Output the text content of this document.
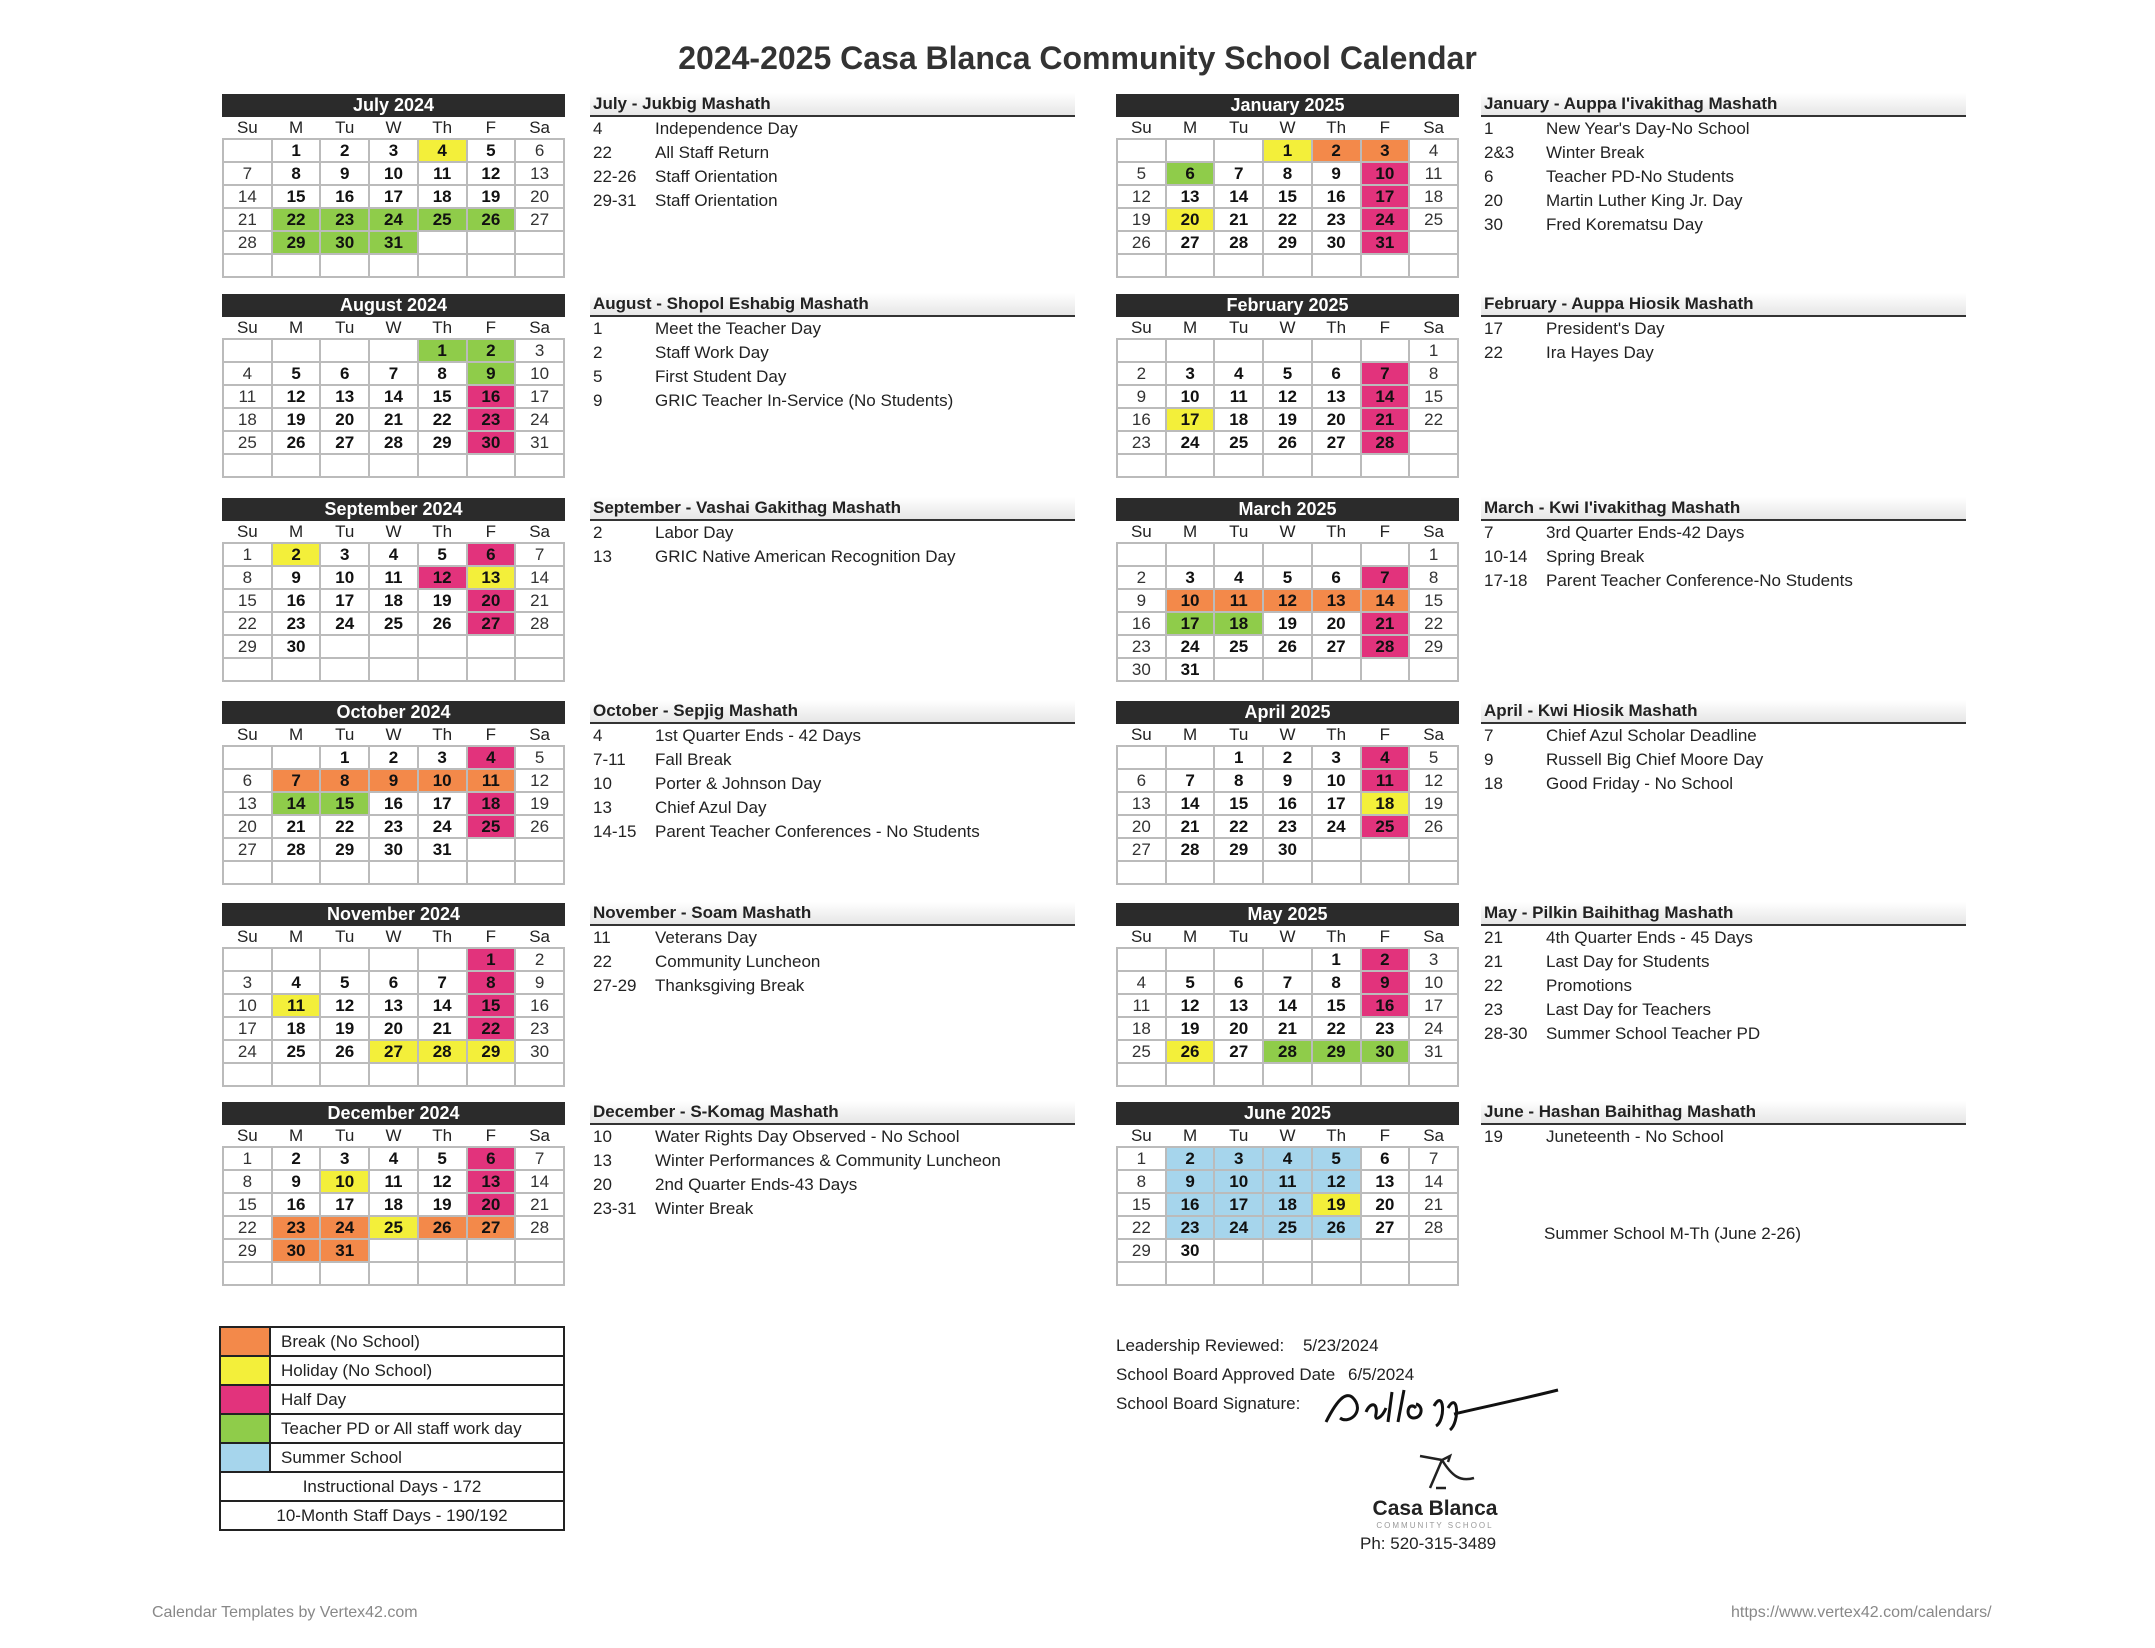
2024-2025 Casa Blanca Community School Calendar
July 2024
Su	M	Tu	W	Th	F	Sa
	1	2	3	4	5	6
7	8	9	10	11	12	13
14	15	16	17	18	19	20
21	22	23	24	25	26	27
28	29	30	31			

August 2024
Su	M	Tu	W	Th	F	Sa
				1	2	3
4	5	6	7	8	9	10
11	12	13	14	15	16	17
18	19	20	21	22	23	24
25	26	27	28	29	30	31

September 2024
Su	M	Tu	W	Th	F	Sa
1	2	3	4	5	6	7
8	9	10	11	12	13	14
15	16	17	18	19	20	21
22	23	24	25	26	27	28
29	30					

October 2024
Su	M	Tu	W	Th	F	Sa
		1	2	3	4	5
6	7	8	9	10	11	12
13	14	15	16	17	18	19
20	21	22	23	24	25	26
27	28	29	30	31		

November 2024
Su	M	Tu	W	Th	F	Sa
					1	2
3	4	5	6	7	8	9
10	11	12	13	14	15	16
17	18	19	20	21	22	23
24	25	26	27	28	29	30

December 2024
Su	M	Tu	W	Th	F	Sa
1	2	3	4	5	6	7
8	9	10	11	12	13	14
15	16	17	18	19	20	21
22	23	24	25	26	27	28
29	30	31				

January 2025
Su	M	Tu	W	Th	F	Sa
			1	2	3	4
5	6	7	8	9	10	11
12	13	14	15	16	17	18
19	20	21	22	23	24	25
26	27	28	29	30	31	

February 2025
Su	M	Tu	W	Th	F	Sa
						1
2	3	4	5	6	7	8
9	10	11	12	13	14	15
16	17	18	19	20	21	22
23	24	25	26	27	28	

March 2025
Su	M	Tu	W	Th	F	Sa
						1
2	3	4	5	6	7	8
9	10	11	12	13	14	15
16	17	18	19	20	21	22
23	24	25	26	27	28	29
30	31					
April 2025
Su	M	Tu	W	Th	F	Sa
		1	2	3	4	5
6	7	8	9	10	11	12
13	14	15	16	17	18	19
20	21	22	23	24	25	26
27	28	29	30			

May 2025
Su	M	Tu	W	Th	F	Sa
				1	2	3
4	5	6	7	8	9	10
11	12	13	14	15	16	17
18	19	20	21	22	23	24
25	26	27	28	29	30	31

June 2025
Su	M	Tu	W	Th	F	Sa
1	2	3	4	5	6	7
8	9	10	11	12	13	14
15	16	17	18	19	20	21
22	23	24	25	26	27	28
29	30					

July - Jukbig Mashath
4	Independence Day
22	All Staff Return
22-26	Staff Orientation
29-31	Staff Orientation
August - Shopol Eshabig Mashath
1	Meet the Teacher Day
2	Staff Work Day
5	First Student Day
9	GRIC Teacher In-Service (No Students)
September - Vashai Gakithag Mashath
2	Labor Day
13	GRIC Native American Recognition Day
October - Sepjig Mashath
4	1st Quarter Ends - 42 Days
7-11	Fall Break
10	Porter & Johnson Day
13	Chief Azul Day
14-15	Parent Teacher Conferences - No Students
November - Soam Mashath
11	Veterans Day
22	Community Luncheon
27-29	Thanksgiving Break
December - S-Komag Mashath
10	Water Rights Day Observed - No School
13	Winter Performances & Community Luncheon
20	2nd Quarter Ends-43 Days
23-31	Winter Break
January - Auppa I'ivakithag Mashath
1	New Year's Day-No School
2&3	Winter Break
6	Teacher PD-No Students
20	Martin Luther King Jr. Day
30	Fred Korematsu Day
February - Auppa Hiosik Mashath
17	President's Day
22	Ira Hayes Day
March - Kwi I'ivakithag Mashath
7	3rd Quarter Ends-42 Days
10-14	Spring Break
17-18	Parent Teacher Conference-No Students
April - Kwi Hiosik Mashath
7	Chief Azul Scholar Deadline
9	Russell Big Chief Moore Day
18	Good Friday - No School
May - Pilkin Baihithag Mashath
21	4th Quarter Ends - 45 Days
21	Last Day for Students
22	Promotions
23	Last Day for Teachers
28-30	Summer School Teacher PD
June - Hashan Baihithag Mashath
19	Juneteenth - No School
Summer School M-Th (June 2-26)
Break (No School)
Holiday (No School)
Half Day
Teacher PD or All staff work day
Summer School
Instructional Days - 172
10-Month Staff Days - 190/192
Leadership Reviewed: 5/23/2024
School Board Approved Date 6/5/2024
School Board Signature:
Casa Blanca
COMMUNITY SCHOOL
Ph: 520-315-3489
Calendar Templates by Vertex42.com	https://www.vertex42.com/calendars/
